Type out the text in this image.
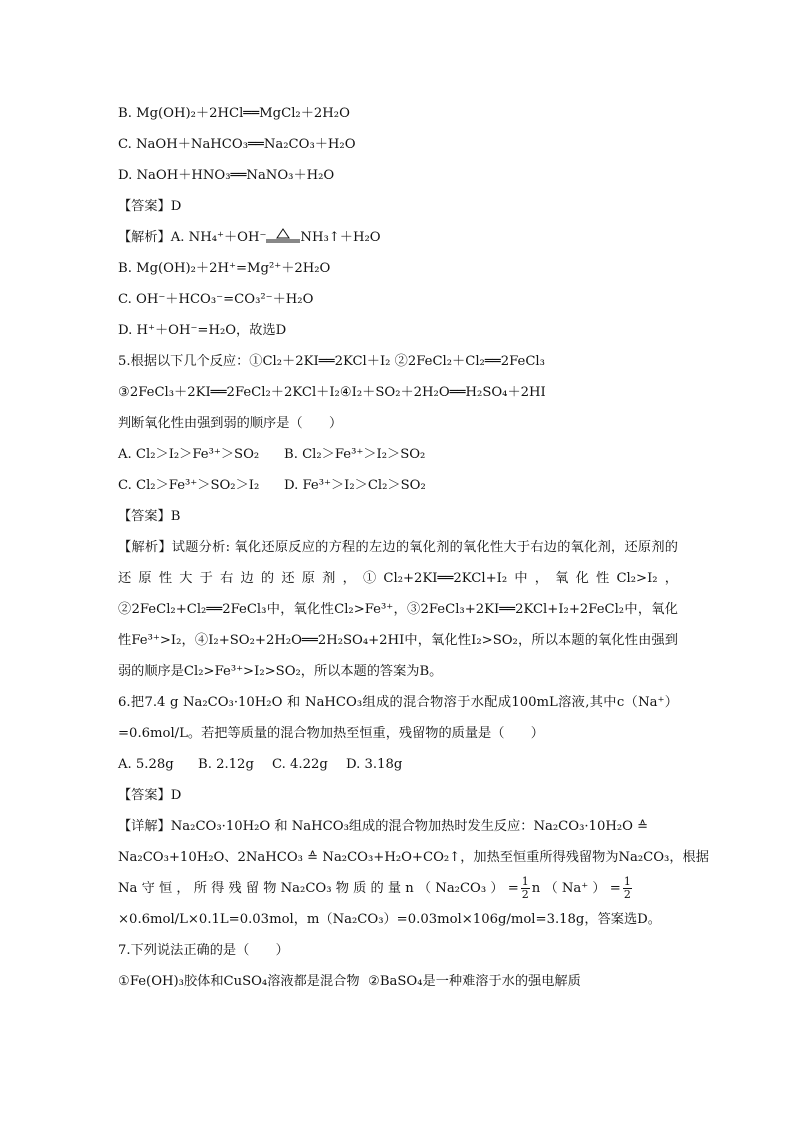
B. Mg(OH)₂＋2HCl══MgCl₂＋2H₂O
C. NaOH＋NaHCO₃══Na₂CO₃＋H₂O
D. NaOH＋HNO₃══NaNO₃＋H₂O
【答案】D
【解析】A. NH₄⁺＋OH⁻	NH₃↑＋H₂O
B. Mg(OH)₂＋2H⁺=Mg²⁺＋2H₂O
C. OH⁻＋HCO₃⁻=CO₃²⁻＋H₂O
D. H⁺＋OH⁻=H₂O，故选D
5.根据以下几个反应：①Cl₂＋2KI══2KCl＋I₂ ②2FeCl₂＋Cl₂══2FeCl₃
③2FeCl₃＋2KI══2FeCl₂＋2KCl＋I₂④I₂＋SO₂＋2H₂O══H₂SO₄＋2HI
判断氧化性由强到弱的顺序是（　　）
A. Cl₂＞I₂＞Fe³⁺＞SO₂ B. Cl₂＞Fe³⁺＞I₂＞SO₂
C. Cl₂＞Fe³⁺＞SO₂＞I₂ D. Fe³⁺＞I₂＞Cl₂＞SO₂
【答案】B
【解析】试题分析: 氧化还原反应的方程的左边的氧化剂的氧化性大于右边的氧化剂，还原剂的还原性大于右边的还原剂，①Cl₂+2KI══2KCl+I₂中，氧化性Cl₂>I₂，②2FeCl₂+Cl₂══2FeCl₃中，氧化性Cl₂>Fe³⁺，③2FeCl₃+2KI══2KCl+I₂+2FeCl₂中，氧化性Fe³⁺>I₂，④I₂+SO₂+2H₂O══2H₂SO₄+2HI中，氧化性I₂>SO₂，所以本题的氧化性由强到弱的顺序是Cl₂>Fe³⁺>I₂>SO₂，所以本题的答案为B。
6.把7.4 g Na₂CO₃·10H₂O 和 NaHCO₃组成的混合物溶于水配成100mL溶液,其中c（Na⁺）=0.6mol/L。若把等质量的混合物加热至恒重，残留物的质量是（　　）
A. 5.28g B. 2.12g C. 4.22g D. 3.18g
【答案】D
【详解】Na₂CO₃·10H₂O 和 NaHCO₃组成的混合物加热时发生反应：Na₂CO₃·10H₂O ≙
Na₂CO₃+10H₂O、2NaHCO₃ ≙ Na₂CO₃+H₂O+CO₂↑，加热至恒重所得残留物为Na₂CO₃，根据
Na 守 恒 ， 所 得 残 留 物 Na₂CO₃ 物 质 的 量 n （ Na₂CO₃ ） = $\frac{1}{2}$ n （ Na⁺ ） = $\frac{1}{2}$
×0.6mol/L×0.1L=0.03mol，m（Na₂CO₃）=0.03mol×106g/mol=3.18g，答案选D。
7.下列说法正确的是（　　）
①Fe(OH)₃胶体和CuSO₄溶液都是混合物 ②BaSO₄是一种难溶于水的强电解质
